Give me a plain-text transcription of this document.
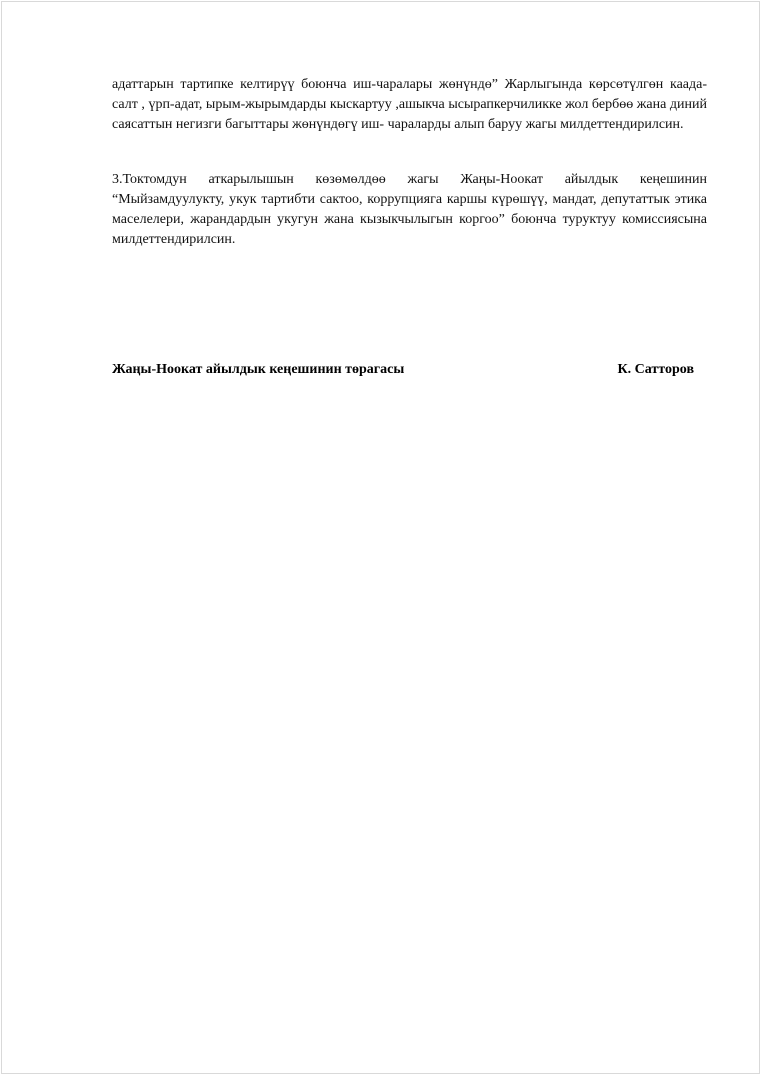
адаттарын тартипке келтирүү боюнча иш-чаралары жөнүндө” Жарлыгында көрсөтүлгөн каада-салт , үрп-адат, ырым-жырымдарды кыскартуу ,ашыкча ысырапкерчиликке жол бербөө жана диний саясаттын негизги багыттары жөнүндөгү иш- чараларды алып баруу жагы милдеттендирилсин.

3.Токтомдун аткарылышын көзөмөлдөө жагы Жаңы-Ноокат айылдык кеңешинин “Мыйзамдуулукту, укук тартибти сактоо, коррупцияга каршы күрөшүү, мандат, депутаттык этика маселелери, жарандардын укугун жана кызыкчылыгын коргоо” боюнча туруктуу комиссиясына милдеттендирилсин.

Жаңы-Ноокат айылдык кеңешинин төрагасы	К. Сатторов
